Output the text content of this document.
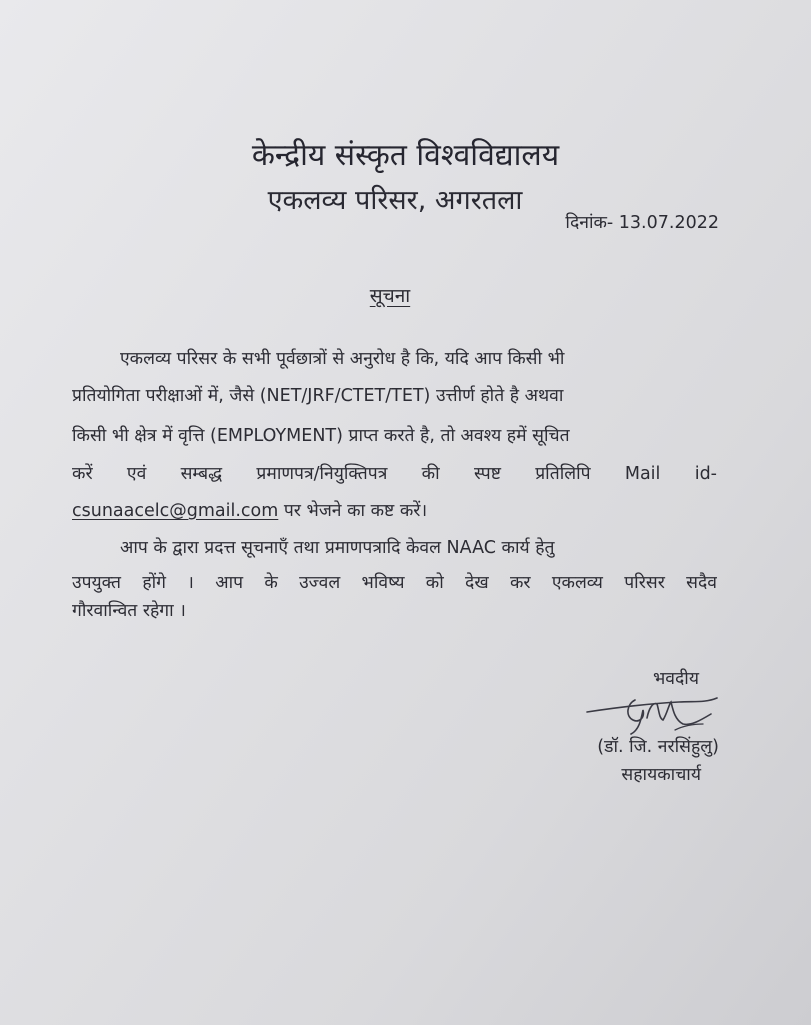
केन्द्रीय संस्कृत विश्वविद्यालय

एकलव्य परिसर, अगरतला

दिनांक- 13.07.2022

सूचना

एकलव्य परिसर के सभी पूर्वछात्रों से अनुरोध है कि, यदि आप किसी भी

प्रतियोगिता परीक्षाओं में, जैसे (NET/JRF/CTET/TET) उत्तीर्ण होते है अथवा

किसी भी क्षेत्र में वृत्ति (EMPLOYMENT) प्राप्त करते है, तो अवश्य हमें सूचित

करें एवं सम्बद्ध प्रमाणपत्र/नियुक्तिपत्र की स्पष्ट प्रतिलिपि Mail id-

csunaacelc@gmail.com पर भेजने का कष्ट करें।

आप के द्वारा प्रदत्त सूचनाएँ तथा प्रमाणपत्रादि केवल NAAC कार्य हेतु

उपयुक्त होंगे । आप के उज्वल भविष्य को देख कर एकलव्य परिसर सदैव

गौरवान्वित रहेगा ।

भवदीय

(डॉ. जि. नरसिंहुलु)

सहायकाचार्य
